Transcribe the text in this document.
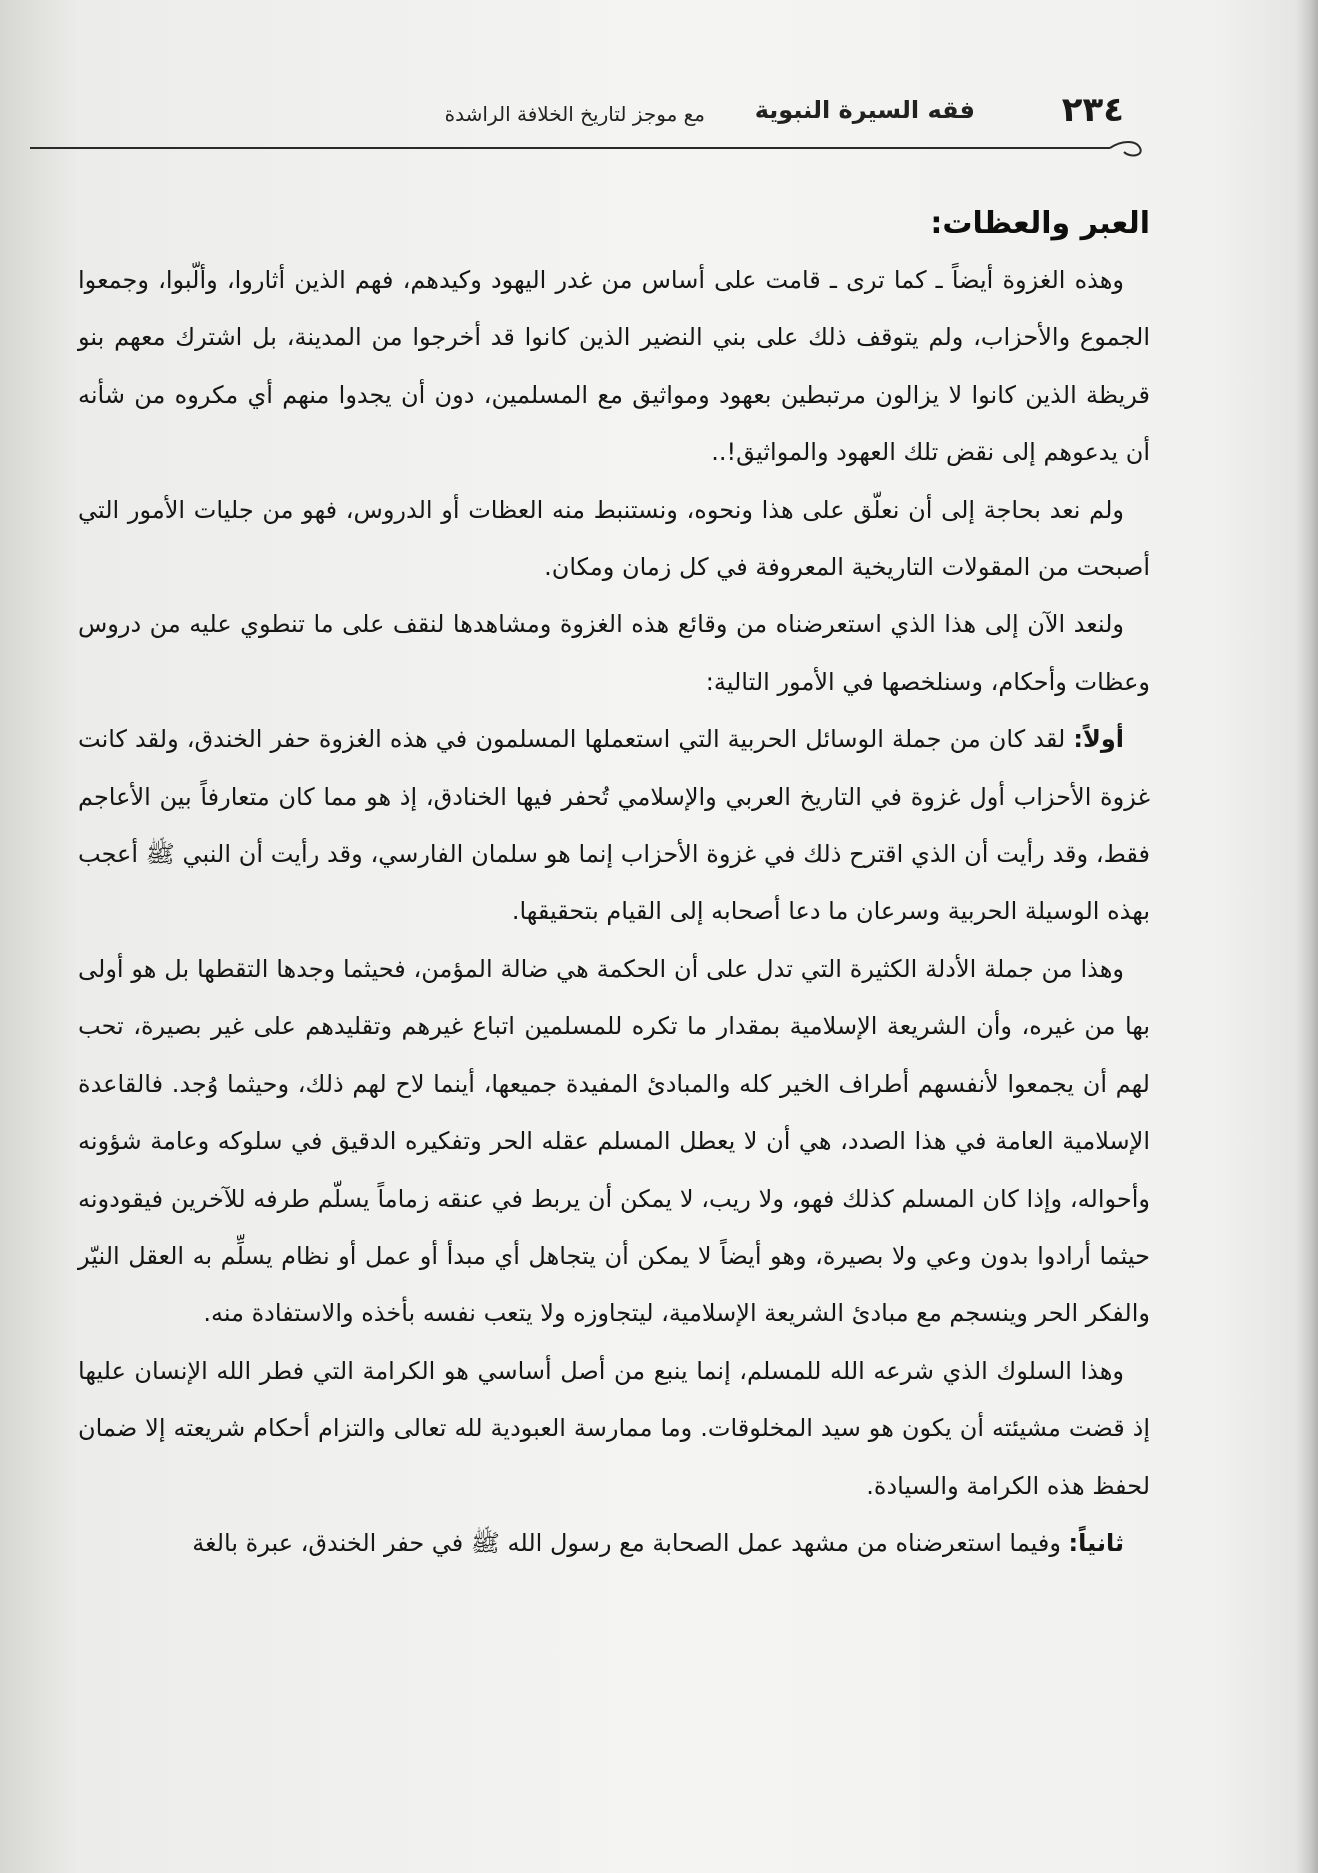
٢٣٤
فقه السيرة النبوية
مع موجز لتاريخ الخلافة الراشدة
العبر والعظات:

وهذه الغزوة أيضاً ـ كما ترى ـ قامت على أساس من غدر اليهود وكيدهم، فهم الذين أثاروا، وألّبوا، وجمعوا الجموع والأحزاب، ولم يتوقف ذلك على بني النضير الذين كانوا قد أخرجوا من المدينة، بل اشترك معهم بنو قريظة الذين كانوا لا يزالون مرتبطين بعهود ومواثيق مع المسلمين، دون أن يجدوا منهم أي مكروه من شأنه أن يدعوهم إلى نقض تلك العهود والمواثيق!..

ولم نعد بحاجة إلى أن نعلّق على هذا ونحوه، ونستنبط منه العظات أو الدروس، فهو من جليات الأمور التي أصبحت من المقولات التاريخية المعروفة في كل زمان ومكان.

ولنعد الآن إلى هذا الذي استعرضناه من وقائع هذه الغزوة ومشاهدها لنقف على ما تنطوي عليه من دروس وعظات وأحكام، وسنلخصها في الأمور التالية:

أولاً: لقد كان من جملة الوسائل الحربية التي استعملها المسلمون في هذه الغزوة حفر الخندق، ولقد كانت غزوة الأحزاب أول غزوة في التاريخ العربي والإسلامي تُحفر فيها الخنادق، إذ هو مما كان متعارفاً بين الأعاجم فقط، وقد رأيت أن الذي اقترح ذلك في غزوة الأحزاب إنما هو سلمان الفارسي، وقد رأيت أن النبي ﷺ أعجب بهذه الوسيلة الحربية وسرعان ما دعا أصحابه إلى القيام بتحقيقها.

وهذا من جملة الأدلة الكثيرة التي تدل على أن الحكمة هي ضالة المؤمن، فحيثما وجدها التقطها بل هو أولى بها من غيره، وأن الشريعة الإسلامية بمقدار ما تكره للمسلمين اتباع غيرهم وتقليدهم على غير بصيرة، تحب لهم أن يجمعوا لأنفسهم أطراف الخير كله والمبادئ المفيدة جميعها، أينما لاح لهم ذلك، وحيثما وُجد. فالقاعدة الإسلامية العامة في هذا الصدد، هي أن لا يعطل المسلم عقله الحر وتفكيره الدقيق في سلوكه وعامة شؤونه وأحواله، وإذا كان المسلم كذلك فهو، ولا ريب، لا يمكن أن يربط في عنقه زماماً يسلّم طرفه للآخرين فيقودونه حيثما أرادوا بدون وعي ولا بصيرة، وهو أيضاً لا يمكن أن يتجاهل أي مبدأ أو عمل أو نظام يسلِّم به العقل النيّر والفكر الحر وينسجم مع مبادئ الشريعة الإسلامية، ليتجاوزه ولا يتعب نفسه بأخذه والاستفادة منه.

وهذا السلوك الذي شرعه الله للمسلم، إنما ينبع من أصل أساسي هو الكرامة التي فطر الله الإنسان عليها إذ قضت مشيئته أن يكون هو سيد المخلوقات. وما ممارسة العبودية لله تعالى والتزام أحكام شريعته إلا ضمان لحفظ هذه الكرامة والسيادة.

ثانياً: وفيما استعرضناه من مشهد عمل الصحابة مع رسول الله ﷺ في حفر الخندق، عبرة بالغة
